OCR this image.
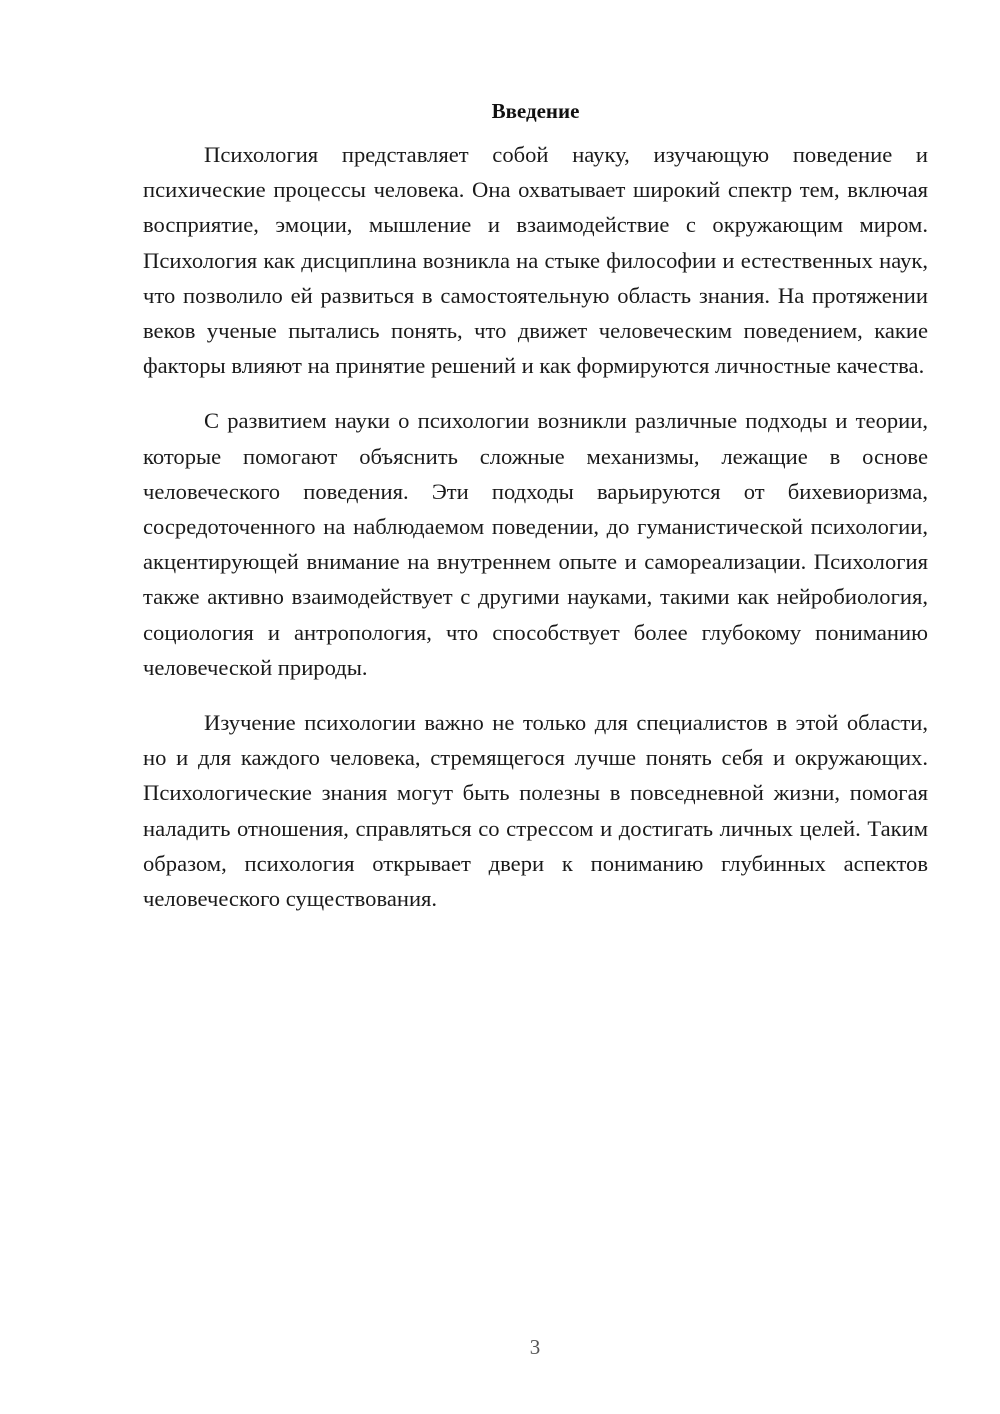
Введение

Психология представляет собой науку, изучающую поведение и психические процессы человека. Она охватывает широкий спектр тем, включая восприятие, эмоции, мышление и взаимодействие с окружающим миром. Психология как дисциплина возникла на стыке философии и естественных наук, что позволило ей развиться в самостоятельную область знания. На протяжении веков ученые пытались понять, что движет человеческим поведением, какие факторы влияют на принятие решений и как формируются личностные качества.

С развитием науки о психологии возникли различные подходы и теории, которые помогают объяснить сложные механизмы, лежащие в основе человеческого поведения. Эти подходы варьируются от бихевиоризма, сосредоточенного на наблюдаемом поведении, до гуманистической психологии, акцентирующей внимание на внутреннем опыте и самореализации. Психология также активно взаимодействует с другими науками, такими как нейробиология, социология и антропология, что способствует более глубокому пониманию человеческой природы.

Изучение психологии важно не только для специалистов в этой области, но и для каждого человека, стремящегося лучше понять себя и окружающих. Психологические знания могут быть полезны в повседневной жизни, помогая наладить отношения, справляться со стрессом и достигать личных целей. Таким образом, психология открывает двери к пониманию глубинных аспектов человеческого существования.

3
